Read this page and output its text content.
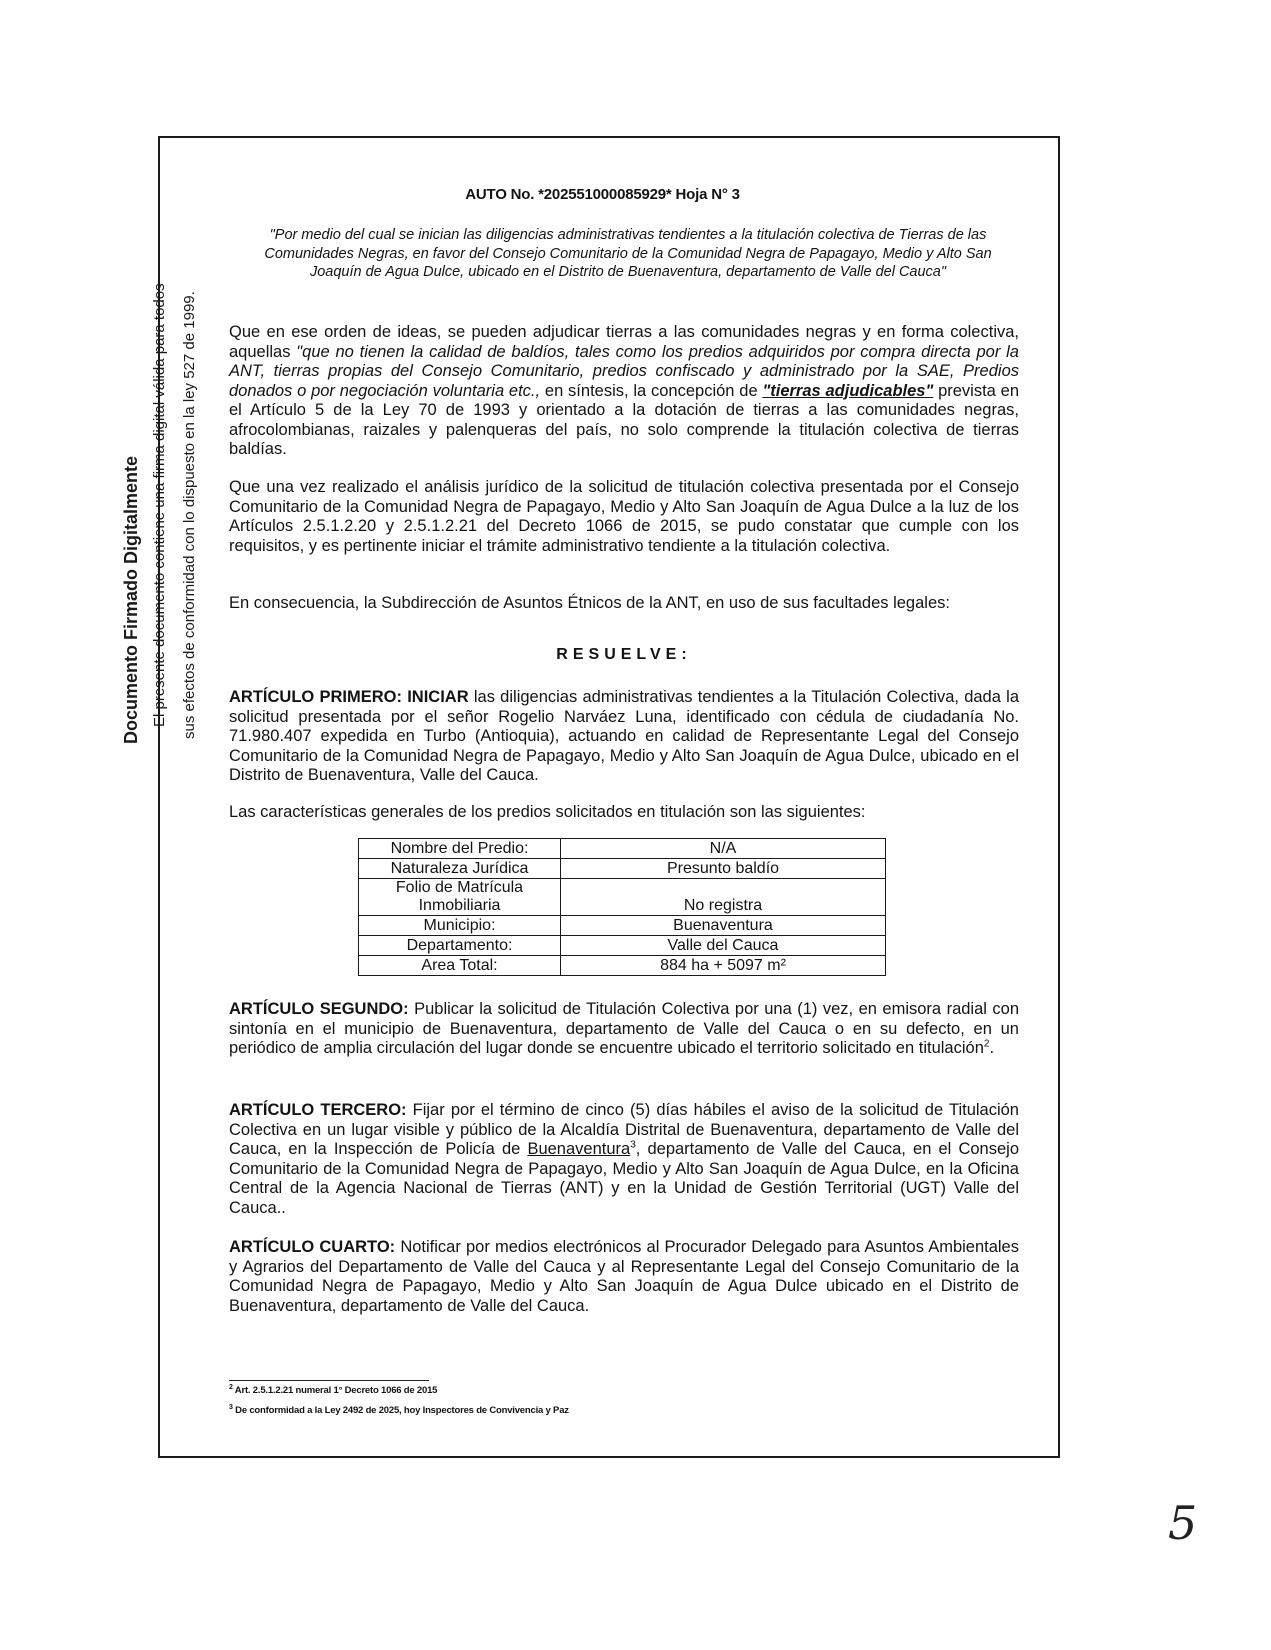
Documento Firmado Digitalmente El presente documento contiene una firma digital válida para todos sus efectos de conformidad con lo dispuesto en la ley 527 de 1999.
AUTO No. *202551000085929* Hoja N° 3
"Por medio del cual se inician las diligencias administrativas tendientes a la titulación colectiva de Tierras de las Comunidades Negras, en favor del Consejo Comunitario de la Comunidad Negra de Papagayo, Medio y Alto San Joaquín de Agua Dulce, ubicado en el Distrito de Buenaventura, departamento de Valle del Cauca"
Que en ese orden de ideas, se pueden adjudicar tierras a las comunidades negras y en forma colectiva, aquellas "que no tienen la calidad de baldíos, tales como los predios adquiridos por compra directa por la ANT, tierras propias del Consejo Comunitario, predios confiscado y administrado por la SAE, Predios donados o por negociación voluntaria etc., en síntesis, la concepción de "tierras adjudicables" prevista en el Artículo 5 de la Ley 70 de 1993 y orientado a la dotación de tierras a las comunidades negras, afrocolombianas, raizales y palenqueras del país, no solo comprende la titulación colectiva de tierras baldías.
Que una vez realizado el análisis jurídico de la solicitud de titulación colectiva presentada por el Consejo Comunitario de la Comunidad Negra de Papagayo, Medio y Alto San Joaquín de Agua Dulce a la luz de los Artículos 2.5.1.2.20 y 2.5.1.2.21 del Decreto 1066 de 2015, se pudo constatar que cumple con los requisitos, y es pertinente iniciar el trámite administrativo tendiente a la titulación colectiva.
En consecuencia, la Subdirección de Asuntos Étnicos de la ANT, en uso de sus facultades legales:
RESUELVE:
ARTÍCULO PRIMERO: INICIAR las diligencias administrativas tendientes a la Titulación Colectiva, dada la solicitud presentada por el señor Rogelio Narváez Luna, identificado con cédula de ciudadanía No. 71.980.407 expedida en Turbo (Antioquia), actuando en calidad de Representante Legal del Consejo Comunitario de la Comunidad Negra de Papagayo, Medio y Alto San Joaquín de Agua Dulce, ubicado en el Distrito de Buenaventura, Valle del Cauca.
Las características generales de los predios solicitados en titulación son las siguientes:
Nombre del Predio:	N/A
Naturaleza Jurídica	Presunto baldío
Folio de Matrícula Inmobiliaria	No registra
Municipio:	Buenaventura
Departamento:	Valle del Cauca
Area Total:	884 ha + 5097 m²
ARTÍCULO SEGUNDO: Publicar la solicitud de Titulación Colectiva por una (1) vez, en emisora radial con sintonía en el municipio de Buenaventura, departamento de Valle del Cauca o en su defecto, en un periódico de amplia circulación del lugar donde se encuentre ubicado el territorio solicitado en titulación$^2$.
ARTÍCULO TERCERO: Fijar por el término de cinco (5) días hábiles el aviso de la solicitud de Titulación Colectiva en un lugar visible y público de la Alcaldía Distrital de Buenaventura, departamento de Valle del Cauca, en la Inspección de Policía de Buenaventura$^3$, departamento de Valle del Cauca, en el Consejo Comunitario de la Comunidad Negra de Papagayo, Medio y Alto San Joaquín de Agua Dulce, en la Oficina Central de la Agencia Nacional de Tierras (ANT) y en la Unidad de Gestión Territorial (UGT) Valle del Cauca..
ARTÍCULO CUARTO: Notificar por medios electrónicos al Procurador Delegado para Asuntos Ambientales y Agrarios del Departamento de Valle del Cauca y al Representante Legal del Consejo Comunitario de la Comunidad Negra de Papagayo, Medio y Alto San Joaquín de Agua Dulce ubicado en el Distrito de Buenaventura, departamento de Valle del Cauca.
$^2$ Art. 2.5.1.2.21 numeral 1° Decreto 1066 de 2015
$^3$ De conformidad a la Ley 2492 de 2025, hoy Inspectores de Convivencia y Paz
5
